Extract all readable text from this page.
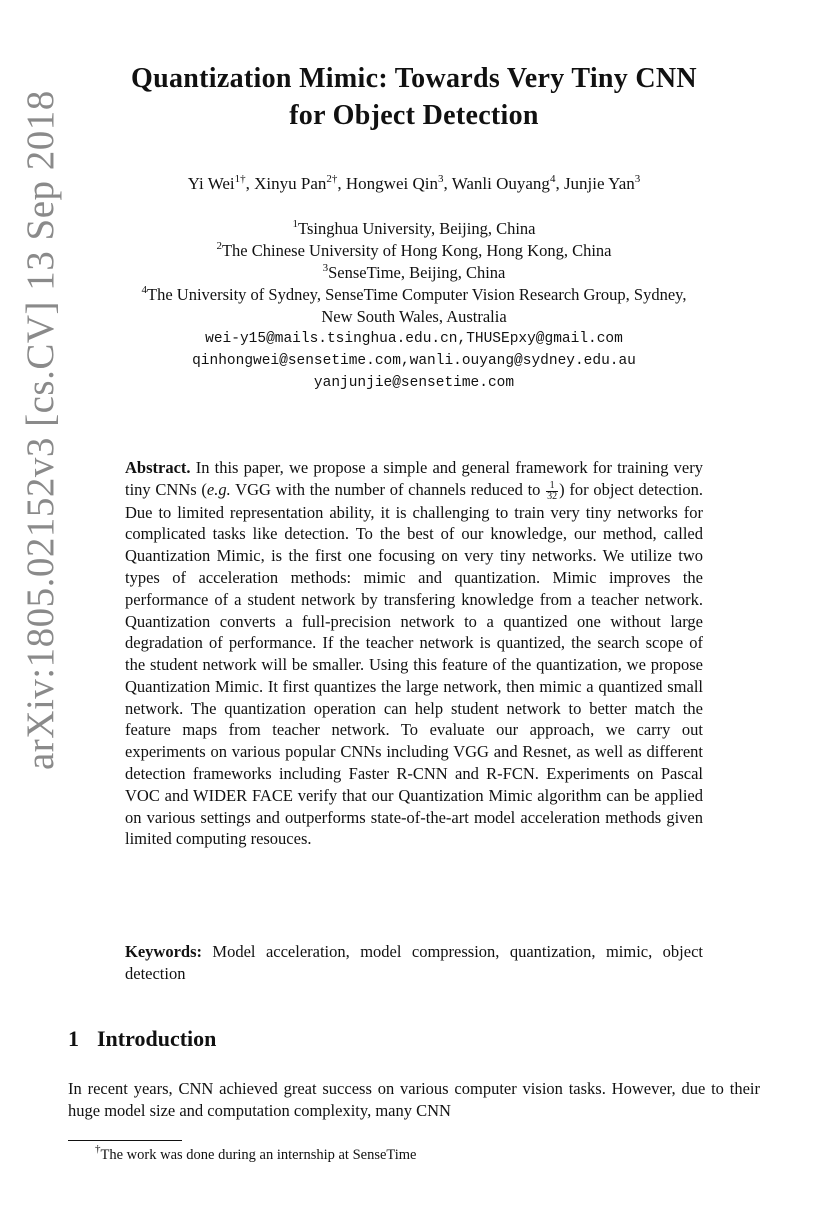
arXiv:1805.02152v3 [cs.CV] 13 Sep 2018
Quantization Mimic: Towards Very Tiny CNN
for Object Detection
Yi Wei$^{1\dagger}$, Xinyu Pan$^{2\dagger}$, Hongwei Qin$^3$, Wanli Ouyang$^4$, Junjie Yan$^3$
$^1$Tsinghua University, Beijing, China
$^2$The Chinese University of Hong Kong, Hong Kong, China
$^3$SenseTime, Beijing, China
$^4$The University of Sydney, SenseTime Computer Vision Research Group, Sydney,
New South Wales, Australia
wei-y15@mails.tsinghua.edu.cn,THUSEpxy@gmail.com
qinhongwei@sensetime.com,wanli.ouyang@sydney.edu.au
yanjunjie@sensetime.com
Abstract. In this paper, we propose a simple and general framework for training very tiny CNNs (e.g. VGG with the number of channels reduced to $\frac{1}{32}$ ) for object detection. Due to limited representation ability, it is challenging to train very tiny networks for complicated tasks like detection. To the best of our knowledge, our method, called Quantization Mimic, is the first one focusing on very tiny networks. We utilize two types of acceleration methods: mimic and quantization. Mimic improves the performance of a student network by transfering knowledge from a teacher network. Quantization converts a full-precision network to a quantized one without large degradation of performance. If the teacher network is quantized, the search scope of the student network will be smaller. Using this feature of the quantization, we propose Quantization Mimic. It first quantizes the large network, then mimic a quantized small network. The quantization operation can help student network to better match the feature maps from teacher network. To evaluate our approach, we carry out experiments on various popular CNNs including VGG and Resnet, as well as different detection frameworks including Faster R-CNN and R-FCN. Experiments on Pascal VOC and WIDER FACE verify that our Quantization Mimic algorithm can be applied on various settings and outperforms state-of-the-art model acceleration methods given limited computing resouces.
Keywords: Model acceleration, model compression, quantization, mimic, object detection
1 Introduction
In recent years, CNN achieved great success on various computer vision tasks. However, due to their huge model size and computation complexity, many CNN
†The work was done during an internship at SenseTime
